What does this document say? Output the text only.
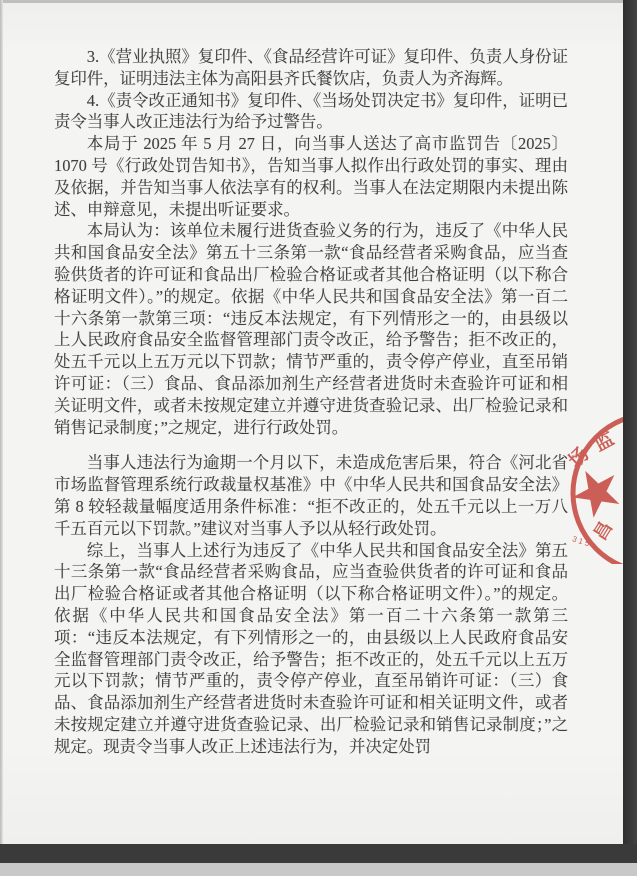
3.《营业执照》复印件、《食品经营许可证》复印件、负责人身份证复印件，证明违法主体为高阳县齐氏餐饮店，负责人为齐海辉。

4.《责令改正通知书》复印件、《当场处罚决定书》复印件，证明已责令当事人改正违法行为给予过警告。

本局于 2025 年 5 月 27 日，向当事人送达了高市监罚告〔2025〕1070 号《行政处罚告知书》，告知当事人拟作出行政处罚的事实、理由及依据，并告知当事人依法享有的权利。当事人在法定期限内未提出陈述、申辩意见，未提出听证要求。

本局认为：该单位未履行进货查验义务的行为，违反了《中华人民共和国食品安全法》第五十三条第一款“食品经营者采购食品，应当查验供货者的许可证和食品出厂检验合格证或者其他合格证明（以下称合格证明文件）。”的规定。依据《中华人民共和国食品安全法》第一百二十六条第一款第三项：“违反本法规定，有下列情形之一的，由县级以上人民政府食品安全监督管理部门责令改正，给予警告；拒不改正的，处五千元以上五万元以下罚款；情节严重的，责令停产停业，直至吊销许可证：（三）食品、食品添加剂生产经营者进货时未查验许可证和相关证明文件，或者未按规定建立并遵守进货查验记录、出厂检验记录和销售记录制度；”之规定，进行行政处罚。

当事人违法行为逾期一个月以下，未造成危害后果，符合《河北省市场监督管理系统行政裁量权基准》中《中华人民共和国食品安全法》第 8 较轻裁量幅度适用条件标准：“拒不改正的，处五千元以上一万八千五百元以下罚款。”建议对当事人予以从轻行政处罚。

综上，当事人上述行为违反了《中华人民共和国食品安全法》第五十三条第一款“食品经营者采购食品，应当查验供货者的许可证和食品出厂检验合格证或者其他合格证明（以下称合格证明文件）。”的规定。依据《中华人民共和国食品安全法》第一百二十六条第一款第三项：“违反本法规定，有下列情形之一的，由县级以上人民政府食品安全监督管理部门责令改正，给予警告；拒不改正的，处五千元以上五万元以下罚款；情节严重的，责令停产停业，直至吊销许可证：（三）食品、食品添加剂生产经营者进货时未查验许可证和相关证明文件，或者未按规定建立并遵守进货查验记录、出厂检验记录和销售记录制度；”之规定。现责令当事人改正上述违法行为，并决定处罚

场
监
昌
315
